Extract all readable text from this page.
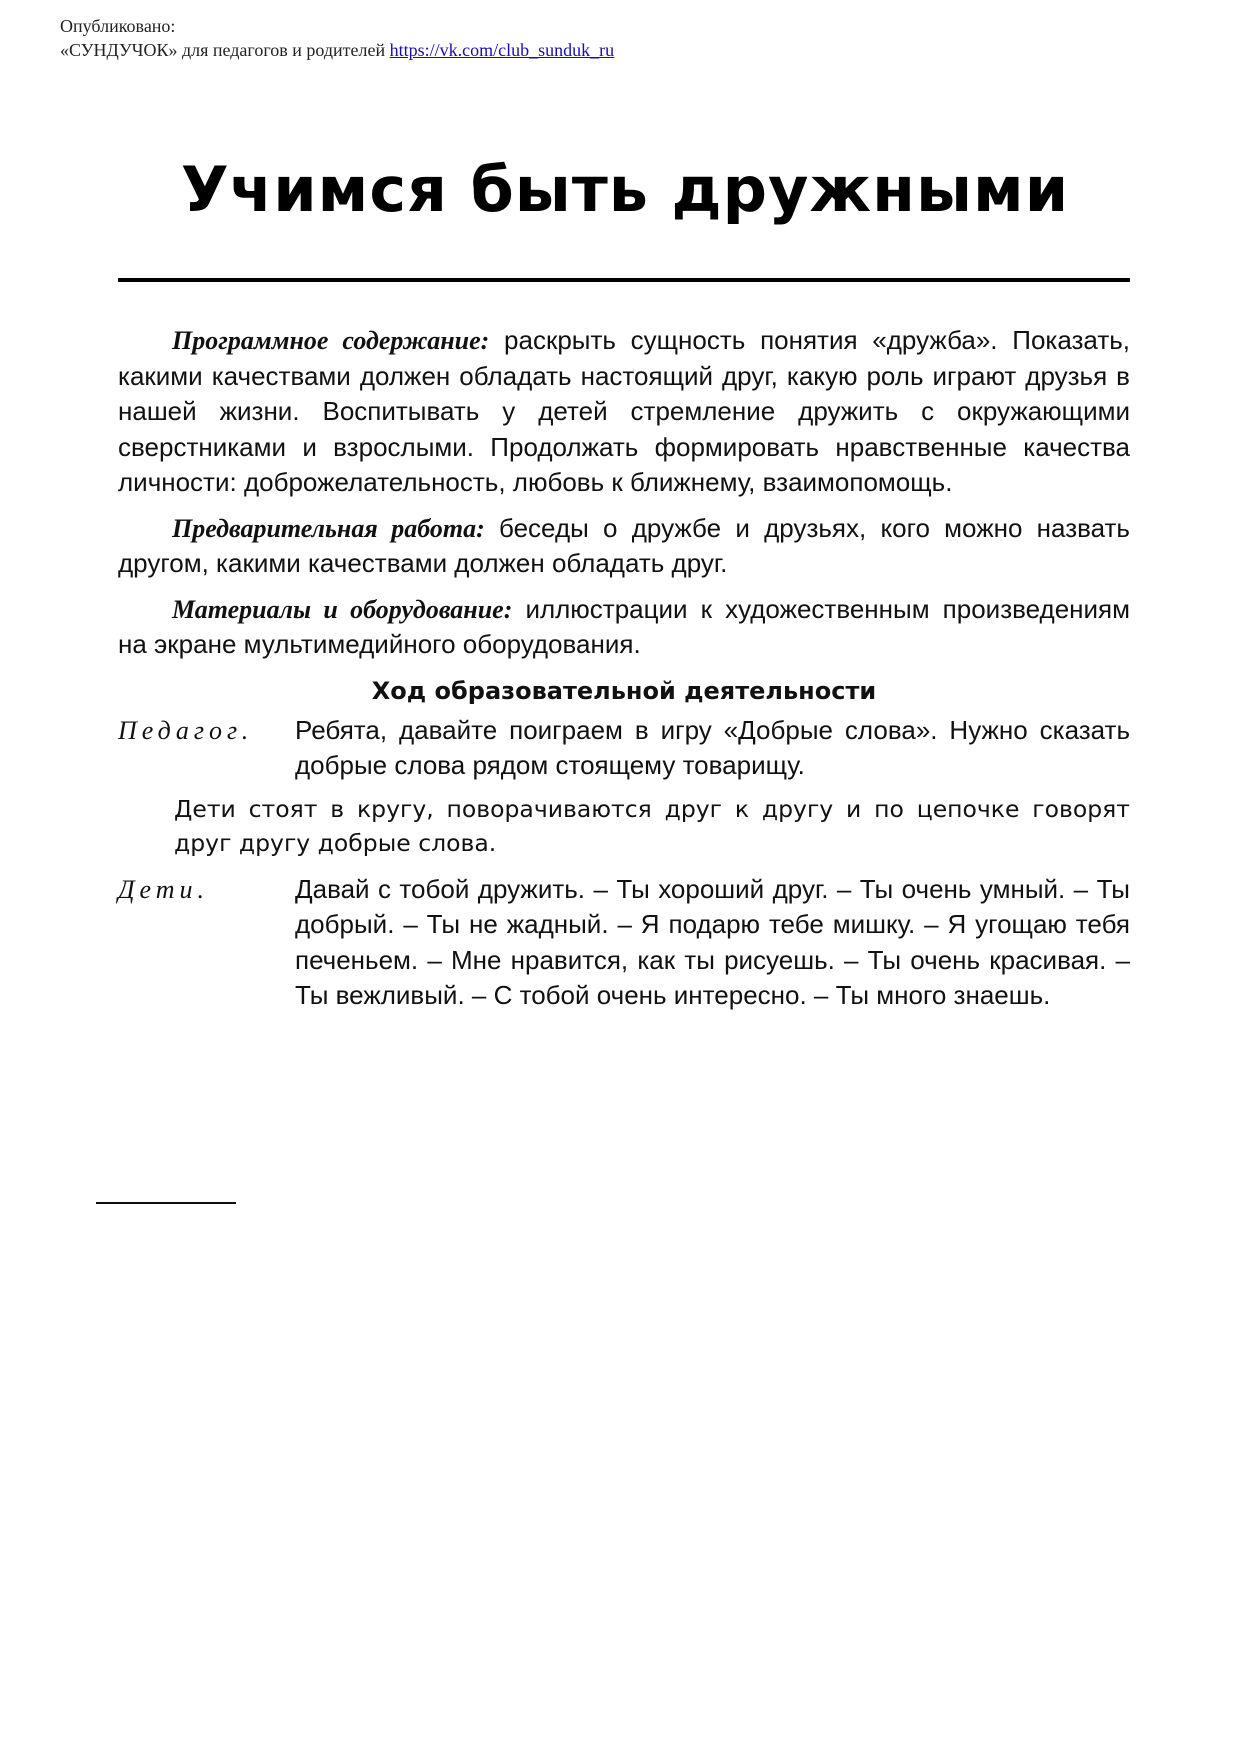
Опубликовано:
«СУНДУЧОК» для педагогов и родителей https://vk.com/club_sunduk_ru
Учимся быть дружными

Программное содержание: раскрыть сущность понятия «дружба». Показать, какими качествами должен обладать настоящий друг, какую роль играют друзья в нашей жизни. Воспитывать у детей стремление дружить с окружающими сверстниками и взрослыми. Продолжать формировать нравственные качества личности: доброжелательность, любовь к ближнему, взаимопомощь.

Предварительная работа: беседы о дружбе и друзьях, кого можно назвать другом, какими качествами должен обладать друг.

Материалы и оборудование: иллюстрации к художественным произведениям на экране мультимедийного оборудования.

Ход образовательной деятельности
Педагог.	Ребята, давайте поиграем в игру «Добрые слова». Нужно сказать добрые слова рядом стоящему товарищу.
Дети стоят в кругу, поворачиваются друг к другу и по цепочке говорят друг другу добрые слова.
Дети.	Давай с тобой дружить. – Ты хороший друг. – Ты очень умный. – Ты добрый. – Ты не жадный. – Я подарю тебе мишку. – Я угощаю тебя печеньем. – Мне нравится, как ты рисуешь. – Ты очень красивая. – Ты вежливый. – С тобой очень интересно. – Ты много знаешь.
